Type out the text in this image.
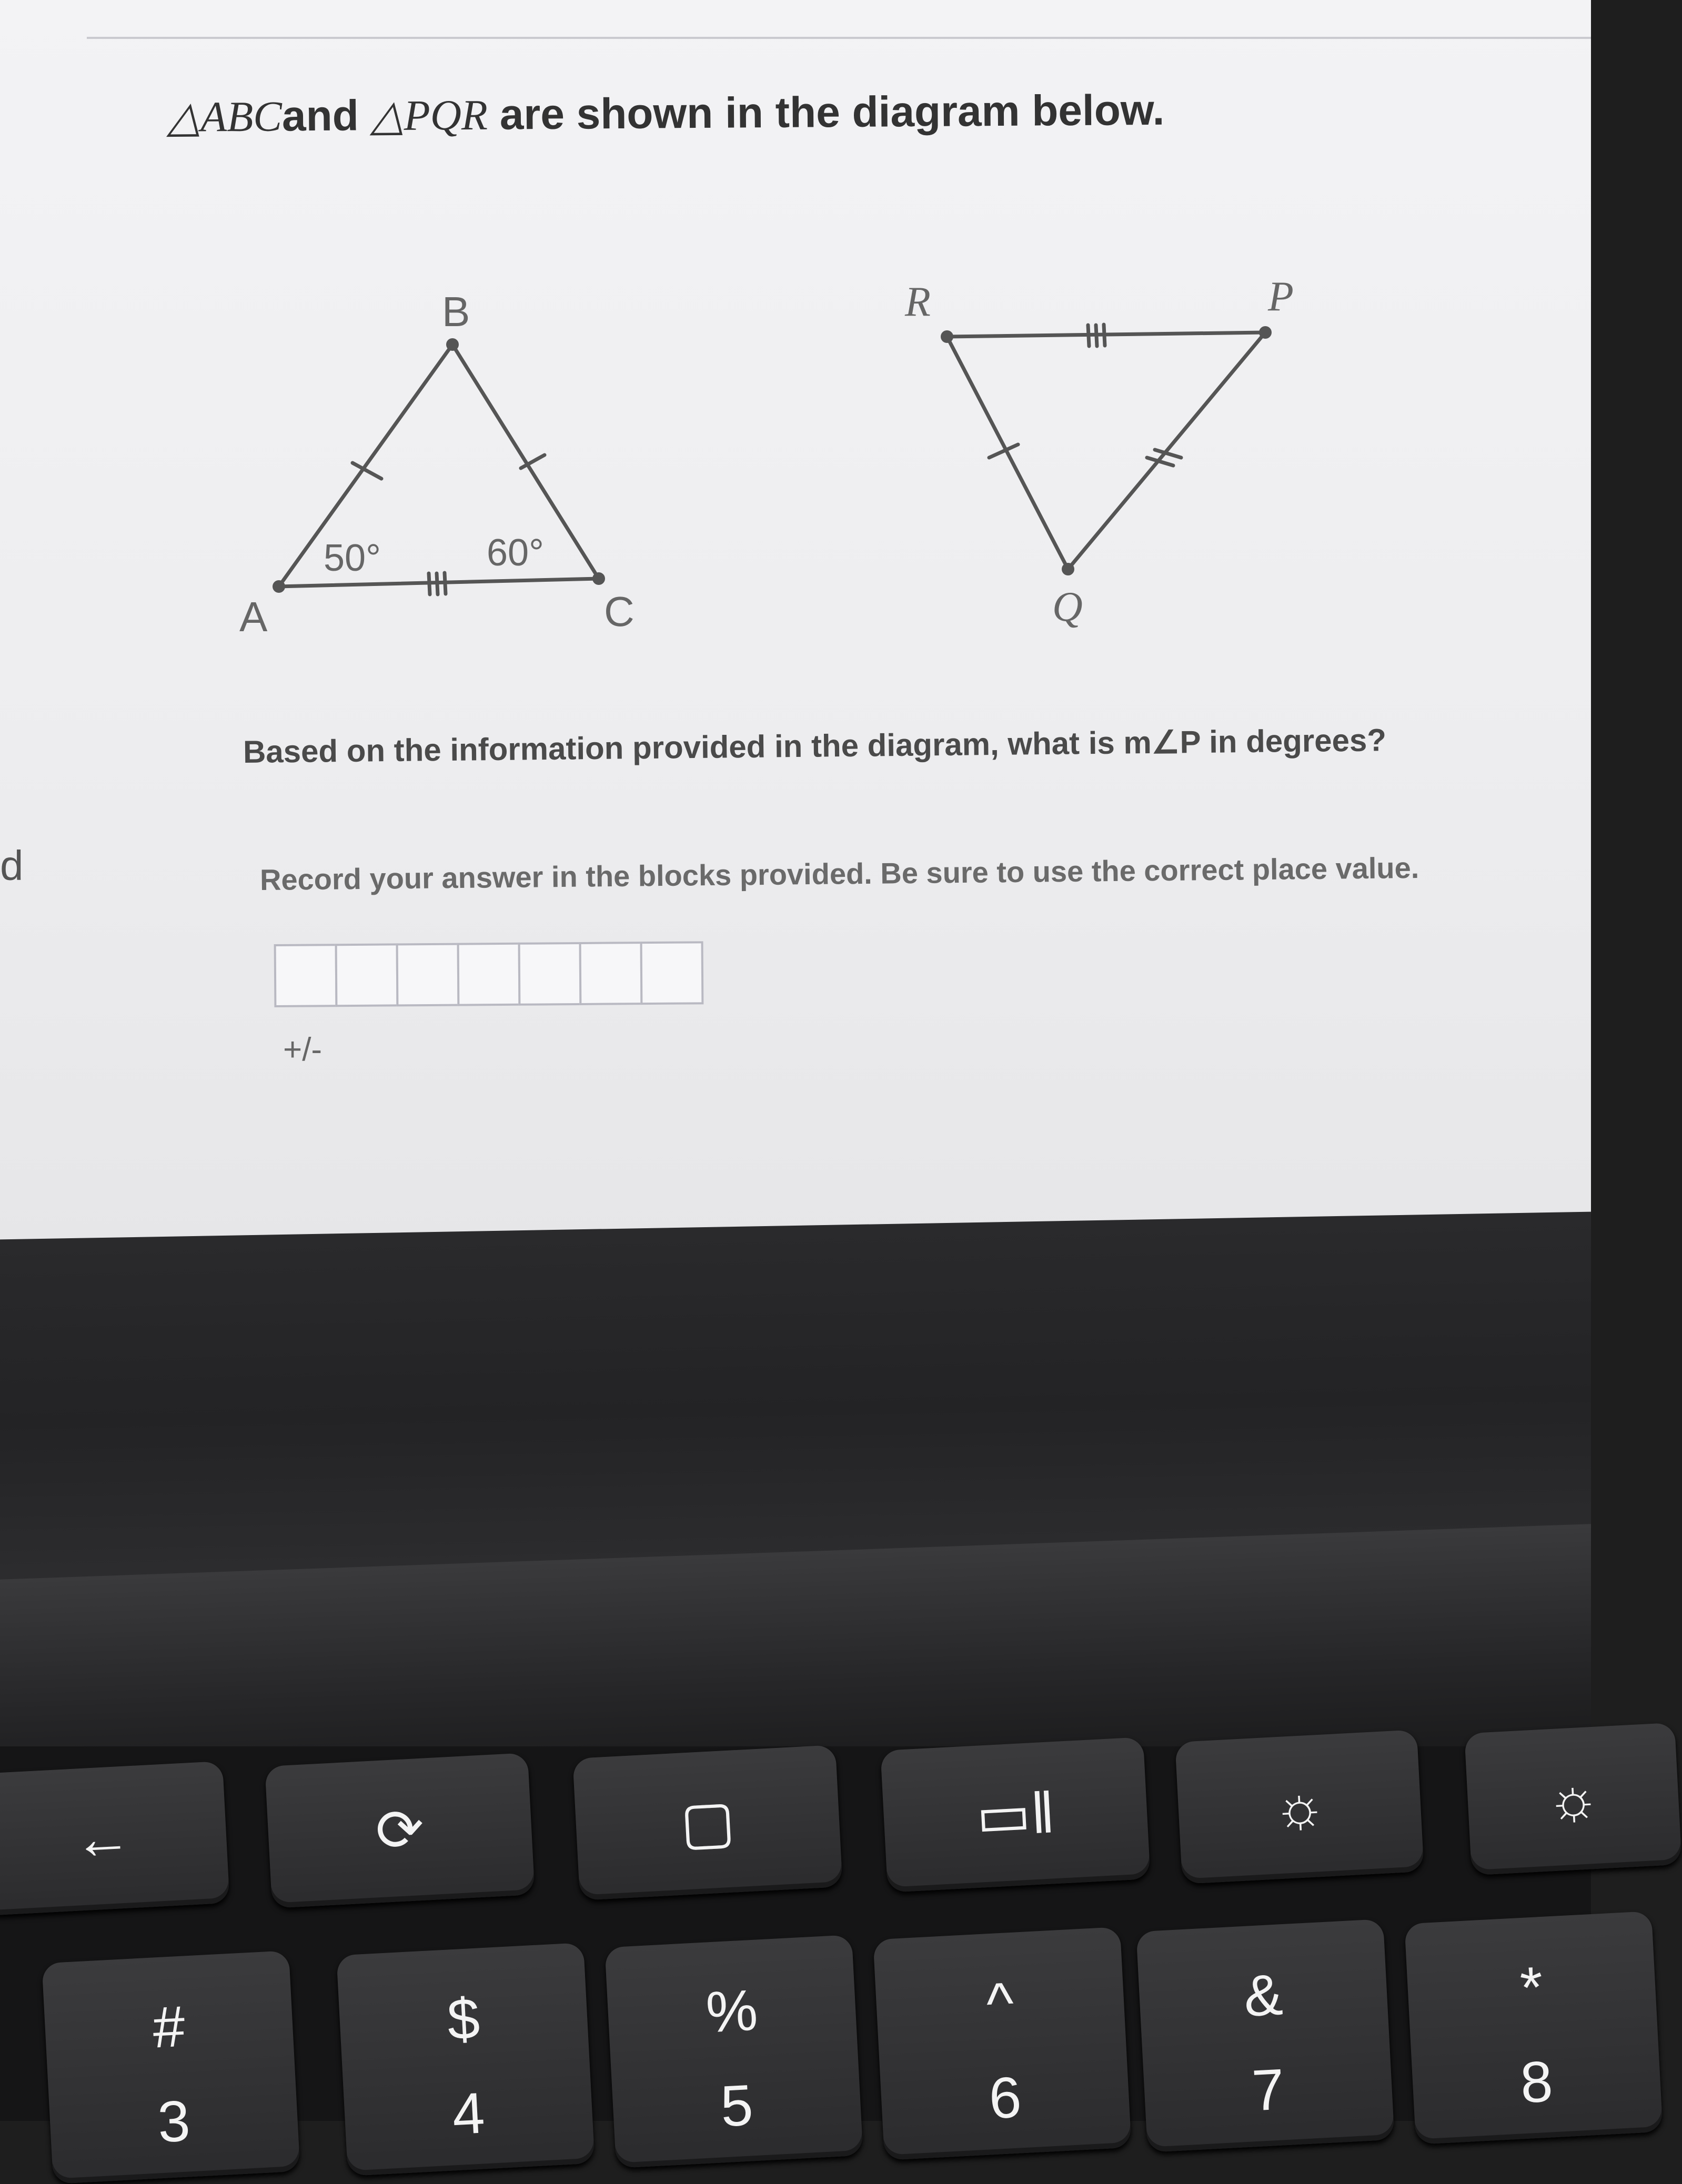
d
△ABCand △PQR are shown in the diagram below.
A
B
C
R	P
Q
50°	60°
Based on the information provided in the diagram, what is m∠P in degrees?
Record your answer in the blocks provided. Be sure to use the correct place value.
+/-
←	⟳	▢	▭‖	☼	☼
#
3
$
4
%
5
^
6
&
7
*
8
